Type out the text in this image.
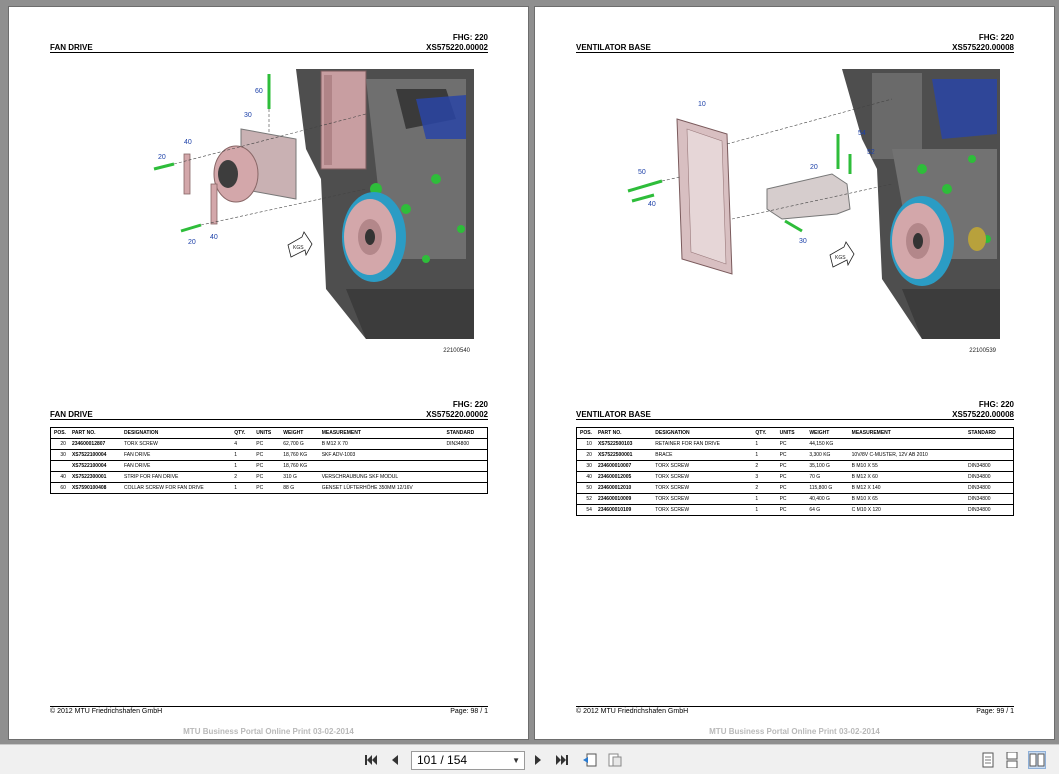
FHG: 220
FAN DRIVE	XS575220.00002
KGS
60
30
40
20
40
20
22100540
FHG: 220
FAN DRIVE	XS575220.00002
POS.	PART NO.	DESIGNATION	QTY.	UNITS	WEIGHT	MEASUREMENT	STANDARD
20	234600012807	TORX SCREW	4	PC	62,700 G	B M12 X 70	DIN34800
30	XS7522100004	FAN DRIVE	1	PC	18,760 KG	SKF ADV-1003	
	XS7522100004	FAN DRIVE	1	PC	18,760 KG		
40	XS7522300001	STRIP FOR FAN DRIVE	2	PC	310 G	VERSCHRAUBUNG SKF MODUL	
60	XS7590100408	COLLAR SCREW FOR FAN DRIVE	1	PC	88 G	GENSET LÜFTERHÖHE 350MM 12/16V	
© 2012 MTU Friedrichshafen GmbH	Page: 98 / 1
MTU Business Portal Online Print 03-02-2014
FHG: 220
VENTILATOR BASE	XS575220.00008
KGS
10
54
52
50
40
20
30
22100539
FHG: 220
VENTILATOR BASE	XS575220.00008
POS.	PART NO.	DESIGNATION	QTY.	UNITS	WEIGHT	MEASUREMENT	STANDARD
10	XS7522500103	RETAINER FOR FAN DRIVE	1	PC	44,150 KG		
20	XS7522500001	BRACE	1	PC	3,300 KG	10V/8V C-MUSTER, 12V AB 2010	
30	234600010007	TORX SCREW	2	PC	35,100 G	B M10 X 55	DIN34800
40	234600012005	TORX SCREW	3	PC	70 G	B M12 X 60	DIN34800
50	234600012010	TORX SCREW	2	PC	115,800 G	B M12 X 140	DIN34800
52	234600010009	TORX SCREW	1	PC	40,400 G	B M10 X 65	DIN34800
54	234600010109	TORX SCREW	1	PC	64 G	C M10 X 120	DIN34800
© 2012 MTU Friedrichshafen GmbH	Page: 99 / 1
MTU Business Portal Online Print 03-02-2014
101 / 154	▼
